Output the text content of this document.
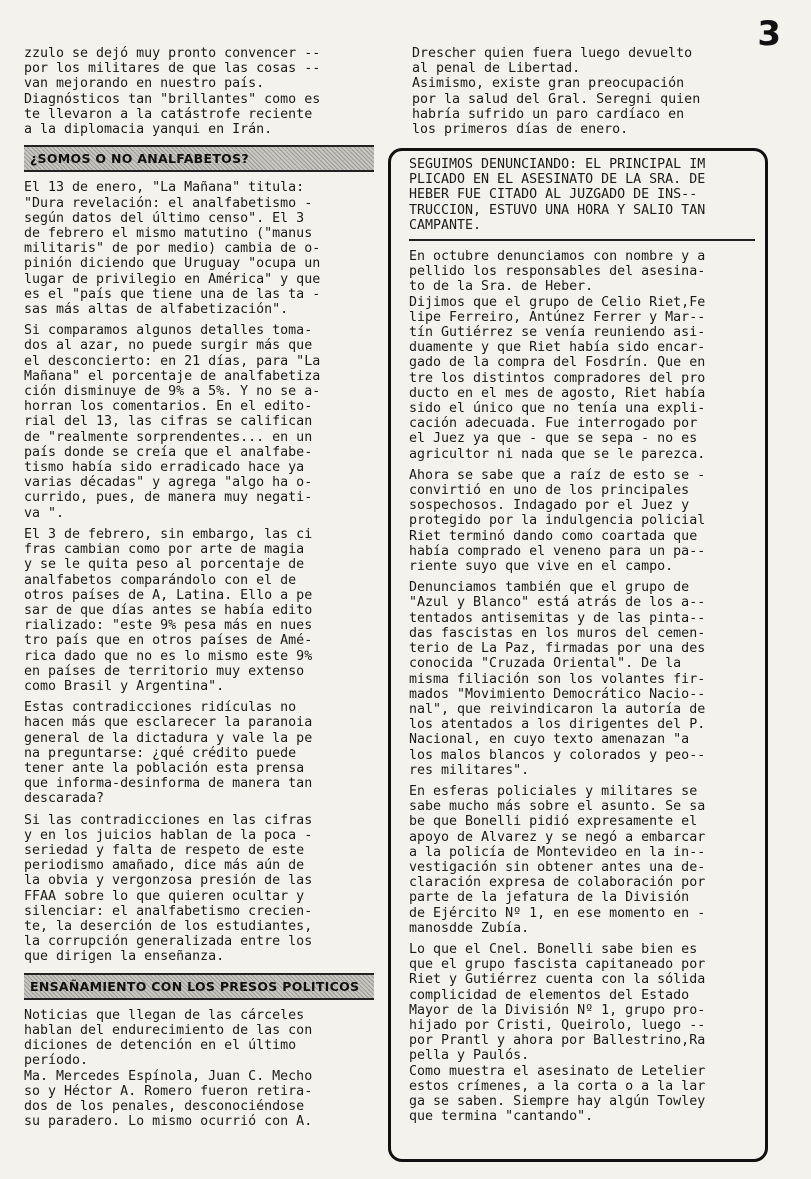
3

zzulo se dejó muy pronto convencer --
por los militares de que las cosas --
van mejorando en nuestro país.
Diagnósticos tan "brillantes" como es
te llevaron a la catástrofe reciente
a la diplomacia yanqui en Irán.

¿SOMOS O NO ANALFABETOS?

El 13 de enero, "La Mañana" titula:
"Dura revelación: el analfabetismo -
según datos del último censo". El 3
de febrero el mismo matutino ("manus
militaris" de por medio) cambia de o-
pinión diciendo que Uruguay "ocupa un
lugar de privilegio en América" y que
es el "país que tiene una de las ta -
sas más altas de alfabetización".

Si comparamos algunos detalles toma-
dos al azar, no puede surgir más que
el desconcierto: en 21 días, para "La
Mañana" el porcentaje de analfabetiza
ción disminuye de 9% a 5%. Y no se a-
horran los comentarios. En el edito-
rial del 13, las cifras se califican
de "realmente sorprendentes... en un
país donde se creía que el analfabe-
tismo había sido erradicado hace ya
varias décadas" y agrega "algo ha o-
currido, pues, de manera muy negati-
va ".

El 3 de febrero, sin embargo, las ci
fras cambian como por arte de magia
y se le quita peso al porcentaje de
analfabetos comparándolo con el de
otros países de A, Latina. Ello a pe
sar de que días antes se había edito
rializado: "este 9% pesa más en nues
tro país que en otros países de Amé-
rica dado que no es lo mismo este 9%
en países de territorio muy extenso
como Brasil y Argentina".

Estas contradicciones ridículas no
hacen más que esclarecer la paranoia
general de la dictadura y vale la pe
na preguntarse: ¿qué crédito puede
tener ante la población esta prensa
que informa-desinforma de manera tan
descarada?

Si las contradicciones en las cifras
y en los juicios hablan de la poca -
seriedad y falta de respeto de este
periodismo amañado, dice más aún de
la obvia y vergonzosa presión de las
FFAA sobre lo que quieren ocultar y
silenciar: el analfabetismo crecien-
te, la deserción de los estudiantes,
la corrupción generalizada entre los
que dirigen la enseñanza.

ENSAÑAMIENTO CON LOS PRESOS POLITICOS

Noticias que llegan de las cárceles
hablan del endurecimiento de las con
diciones de detención en el último
período.
Ma. Mercedes Espínola, Juan C. Mecho
so y Héctor A. Romero fueron retira-
dos de los penales, desconociéndose
su paradero. Lo mismo ocurrió con A.

Drescher quien fuera luego devuelto
al penal de Libertad.
Asimismo, existe gran preocupación
por la salud del Gral. Seregni quien
habría sufrido un paro cardíaco en
los primeros días de enero.

SEGUIMOS DENUNCIANDO: EL PRINCIPAL IM
PLICADO EN EL ASESINATO DE LA SRA. DE
HEBER FUE CITADO AL JUZGADO DE INS--
TRUCCION, ESTUVO UNA HORA Y SALIO TAN
CAMPANTE.

En octubre denunciamos con nombre y a
pellido los responsables del asesina-
to de la Sra. de Heber.
Dijimos que el grupo de Celio Riet,Fe
lipe Ferreiro, Antúnez Ferrer y Mar--
tín Gutiérrez se venía reuniendo asi-
duamente y que Riet había sido encar-
gado de la compra del Fosdrín. Que en
tre los distintos compradores del pro
ducto en el mes de agosto, Riet había
sido el único que no tenía una expli-
cación adecuada. Fue interrogado por
el Juez ya que - que se sepa - no es
agricultor ni nada que se le parezca.

Ahora se sabe que a raíz de esto se -
convirtió en uno de los principales
sospechosos. Indagado por el Juez y
protegido por la indulgencia policial
Riet terminó dando como coartada que
había comprado el veneno para un pa--
riente suyo que vive en el campo.

Denunciamos también que el grupo de
"Azul y Blanco" está atrás de los a--
tentados antisemitas y de las pinta--
das fascistas en los muros del cemen-
terio de La Paz, firmadas por una des
conocida "Cruzada Oriental". De la
misma filiación son los volantes fir-
mados "Movimiento Democrático Nacio--
nal", que reivindicaron la autoría de
los atentados a los dirigentes del P.
Nacional, en cuyo texto amenazan "a
los malos blancos y colorados y peo--
res militares".

En esferas policiales y militares se
sabe mucho más sobre el asunto. Se sa
be que Bonelli pidió expresamente el
apoyo de Alvarez y se negó a embarcar
a la policía de Montevideo en la in--
vestigación sin obtener antes una de-
claración expresa de colaboración por
parte de la jefatura de la División
de Ejército Nº 1, en ese momento en -
manosdde Zubía.

Lo que el Cnel. Bonelli sabe bien es
que el grupo fascista capitaneado por
Riet y Gutiérrez cuenta con la sólida
complicidad de elementos del Estado
Mayor de la División Nº 1, grupo pro-
hijado por Cristi, Queirolo, luego --
por Prantl y ahora por Ballestrino,Ra
pella y Paulós.
Como muestra el asesinato de Letelier
estos crímenes, a la corta o a la lar
ga se saben. Siempre hay algún Towley
que termina "cantando".
